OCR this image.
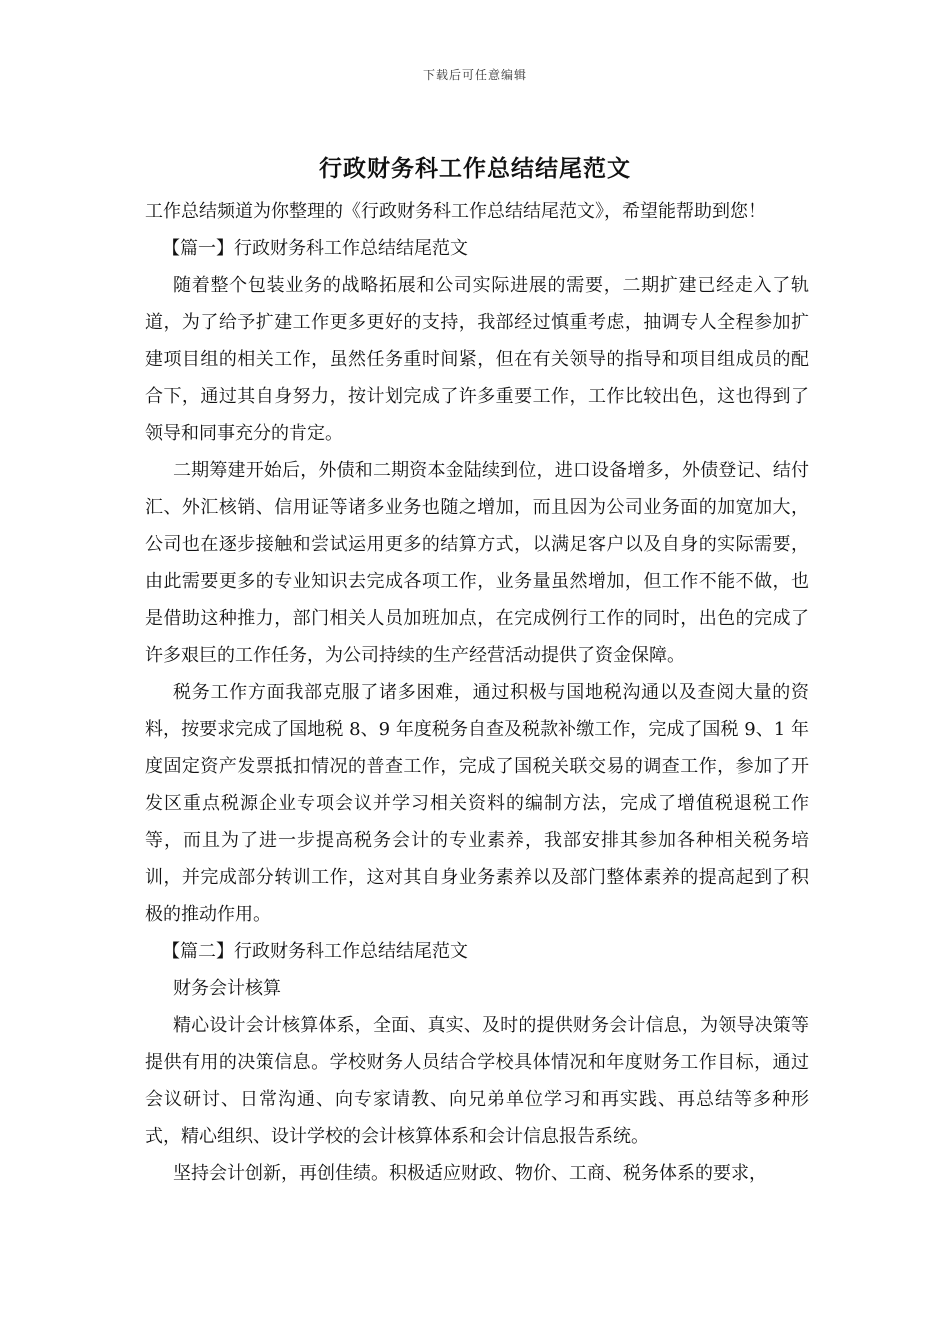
下载后可任意编辑
行政财务科工作总结结尾范文

工作总结频道为你整理的《行政财务科工作总结结尾范文》，希望能帮助到您！

【篇一】行政财务科工作总结结尾范文

随着整个包装业务的战略拓展和公司实际进展的需要，二期扩建已经走入了轨道，为了给予扩建工作更多更好的支持，我部经过慎重考虑，抽调专人全程参加扩建项目组的相关工作，虽然任务重时间紧，但在有关领导的指导和项目组成员的配合下，通过其自身努力，按计划完成了许多重要工作，工作比较出色，这也得到了领导和同事充分的肯定。

二期筹建开始后，外债和二期资本金陆续到位，进口设备增多，外债登记、结付汇、外汇核销、信用证等诸多业务也随之增加，而且因为公司业务面的加宽加大，公司也在逐步接触和尝试运用更多的结算方式，以满足客户以及自身的实际需要，由此需要更多的专业知识去完成各项工作，业务量虽然增加，但工作不能不做，也是借助这种推力，部门相关人员加班加点，在完成例行工作的同时，出色的完成了许多艰巨的工作任务，为公司持续的生产经营活动提供了资金保障。

税务工作方面我部克服了诸多困难，通过积极与国地税沟通以及查阅大量的资料，按要求完成了国地税 8、9 年度税务自查及税款补缴工作，完成了国税 9、1 年度固定资产发票抵扣情况的普查工作，完成了国税关联交易的调查工作，参加了开发区重点税源企业专项会议并学习相关资料的编制方法，完成了增值税退税工作等，而且为了进一步提高税务会计的专业素养，我部安排其参加各种相关税务培训，并完成部分转训工作，这对其自身业务素养以及部门整体素养的提高起到了积极的推动作用。

【篇二】行政财务科工作总结结尾范文

财务会计核算

精心设计会计核算体系，全面、真实、及时的提供财务会计信息，为领导决策等提供有用的决策信息。学校财务人员结合学校具体情况和年度财务工作目标，通过会议研讨、日常沟通、向专家请教、向兄弟单位学习和再实践、再总结等多种形式，精心组织、设计学校的会计核算体系和会计信息报告系统。

坚持会计创新，再创佳绩。积极适应财政、物价、工商、税务体系的要求，
